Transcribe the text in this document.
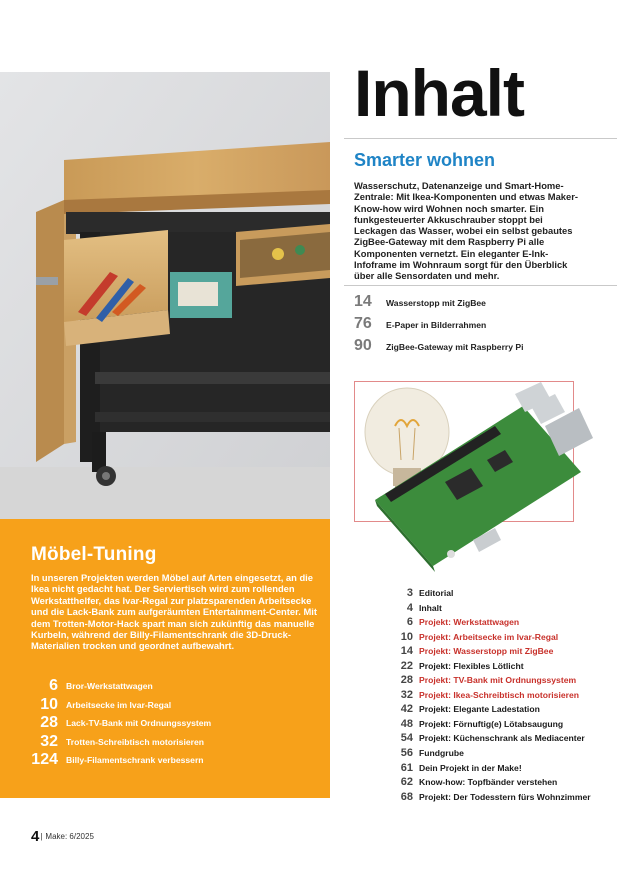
Möbel-Tuning

In unseren Projekten werden Möbel auf Arten eingesetzt, an die Ikea nicht gedacht hat. Der Serviertisch wird zum rollenden Werkstatthelfer, das Ivar-Regal zur platzsparenden Arbeitsecke und die Lack-Bank zum aufgeräumten Entertainment-Center. Mit dem Trotten-Motor-Hack spart man sich zukünftig das manuelle Kurbeln, während der Billy-Filamentschrank die 3D-Druck-Materialien trocken und geordnet aufbewahrt.

6 Bror-Werkstattwagen
10 Arbeitsecke im Ivar-Regal
28 Lack-TV-Bank mit Ordnungssystem
32 Trotten-Schreibtisch motorisieren
124 Billy-Filamentschrank verbessern
Inhalt
Smarter wohnen

Wasserschutz, Datenanzeige und Smart-Home-Zentrale: Mit Ikea-Komponenten und etwas Maker-Know-how wird Wohnen noch smarter. Ein funkgesteuerter Akkuschrauber stoppt bei Leckagen das Wasser, wobei ein selbst gebautes ZigBee-Gateway mit dem Raspberry Pi alle Komponenten vernetzt. Ein eleganter E-Ink-Infoframe im Wohnraum sorgt für den Überblick über alle Sensordaten und mehr.

14 Wasserstopp mit ZigBee
76 E-Paper in Bilderrahmen
90 ZigBee-Gateway mit Raspberry Pi
3 Editorial
4 Inhalt
6 Projekt: Werkstattwagen
10 Projekt: Arbeitsecke im Ivar-Regal
14 Projekt: Wasserstopp mit ZigBee
22 Projekt: Flexibles Lötlicht
28 Projekt: TV-Bank mit Ordnungssystem
32 Projekt: Ikea-Schreibtisch motorisieren
42 Projekt: Elegante Ladestation
48 Projekt: Förnuftig(e) Lötabsaugung
54 Projekt: Küchenschrank als Mediacenter
56 Fundgrube
61 Dein Projekt in der Make!
62 Know-how: Topfbänder verstehen
68 Projekt: Der Todesstern fürs Wohnzimmer
4| Make: 6/2025
